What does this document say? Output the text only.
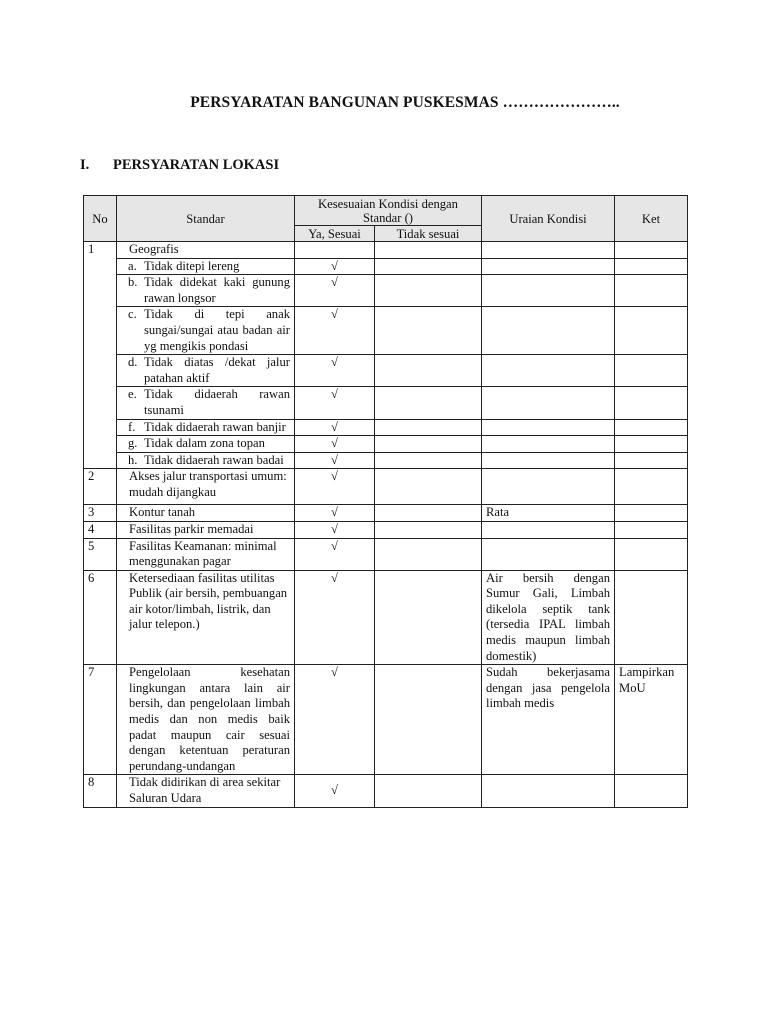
PERSYARATAN BANGUNAN PUSKESMAS …………………..
I. PERSYARATAN LOKASI
No	Standar	Kesesuaian Kondisi dengan Standar ()		Uraian Kondisi	Ket
		Ya, Sesuai	Tidak sesuai		
1	Geografis				

	a. Tidak ditepi lereng	√			

	b. Tidak didekat kaki gunung rawan longsor	√			

	c. Tidak di tepi anak sungai/sungai atau badan air yg mengikis pondasi	√			

	d. Tidak diatas /dekat jalur patahan aktif	√			

	e. Tidak didaerah rawan tsunami	√			

	f. Tidak didaerah rawan banjir	√			

	g. Tidak dalam zona topan	√			

	h. Tidak didaerah rawan badai	√			
2	Akses jalur transportasi umum: mudah dijangkau	√			
3	Kontur tanah	√		Rata	
4	Fasilitas parkir memadai	√			
5	Fasilitas Keamanan: minimal menggunakan pagar	√			
6	Ketersediaan fasilitas utilitas Publik (air bersih, pembuangan air kotor/limbah, listrik, dan jalur telepon.)	√		Air bersih dengan Sumur Gali, Limbah dikelola septik tank (tersedia IPAL limbah medis maupun limbah domestik)	
7	Pengelolaan kesehatan lingkungan antara lain air bersih, dan pengelolaan limbah medis dan non medis baik padat maupun cair sesuai dengan ketentuan peraturan perundang-undangan	√		Sudah bekerjasama dengan jasa pengelola limbah medis	Lampirkan MoU
8	Tidak didirikan di area sekitar Saluran Udara	√			
